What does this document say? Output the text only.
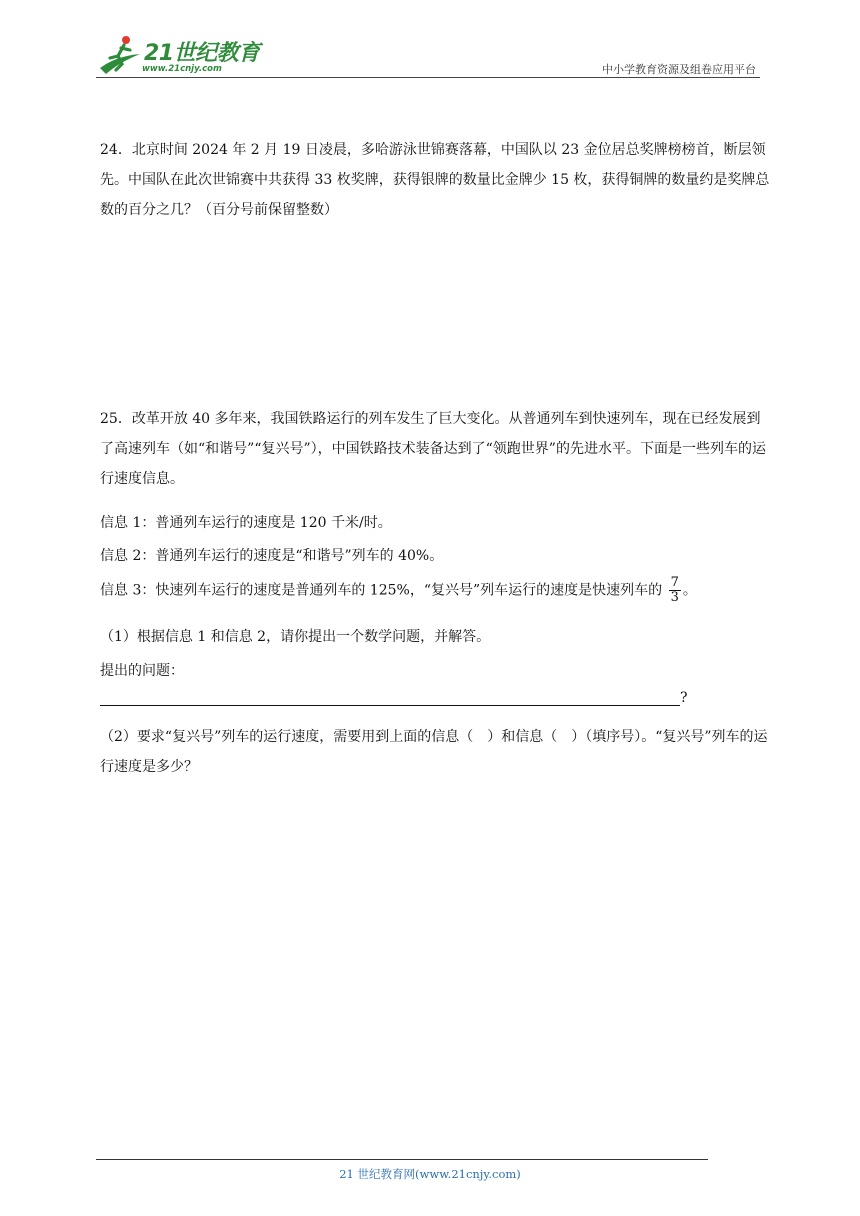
21世纪教育
www.21cnjy.com	中小学教育资源及组卷应用平台

24．北京时间 2024 年 2 月 19 日凌晨，多哈游泳世锦赛落幕，中国队以 23 金位居总奖牌榜榜首，断层领先。中国队在此次世锦赛中共获得 33 枚奖牌，获得银牌的数量比金牌少 15 枚，获得铜牌的数量约是奖牌总数的百分之几？（百分号前保留整数）

25．改革开放 40 多年来，我国铁路运行的列车发生了巨大变化。从普通列车到快速列车，现在已经发展到了高速列车（如“和谐号”“复兴号”），中国铁路技术装备达到了“领跑世界”的先进水平。下面是一些列车的运行速度信息。

信息 1：普通列车运行的速度是 120 千米/时。
信息 2：普通列车运行的速度是“和谐号”列车的 40%。
信息 3：快速列车运行的速度是普通列车的 125%，“复兴号”列车运行的速度是快速列车的 $\frac{7}{3}$ 。
（1）根据信息 1 和信息 2，请你提出一个数学问题，并解答。
提出的问题：
?

（2）要求“复兴号”列车的运行速度，需要用到上面的信息（　）和信息（　）（填序号）。“复兴号”列车的运行速度是多少？

21 世纪教育网(www.21cnjy.com)
